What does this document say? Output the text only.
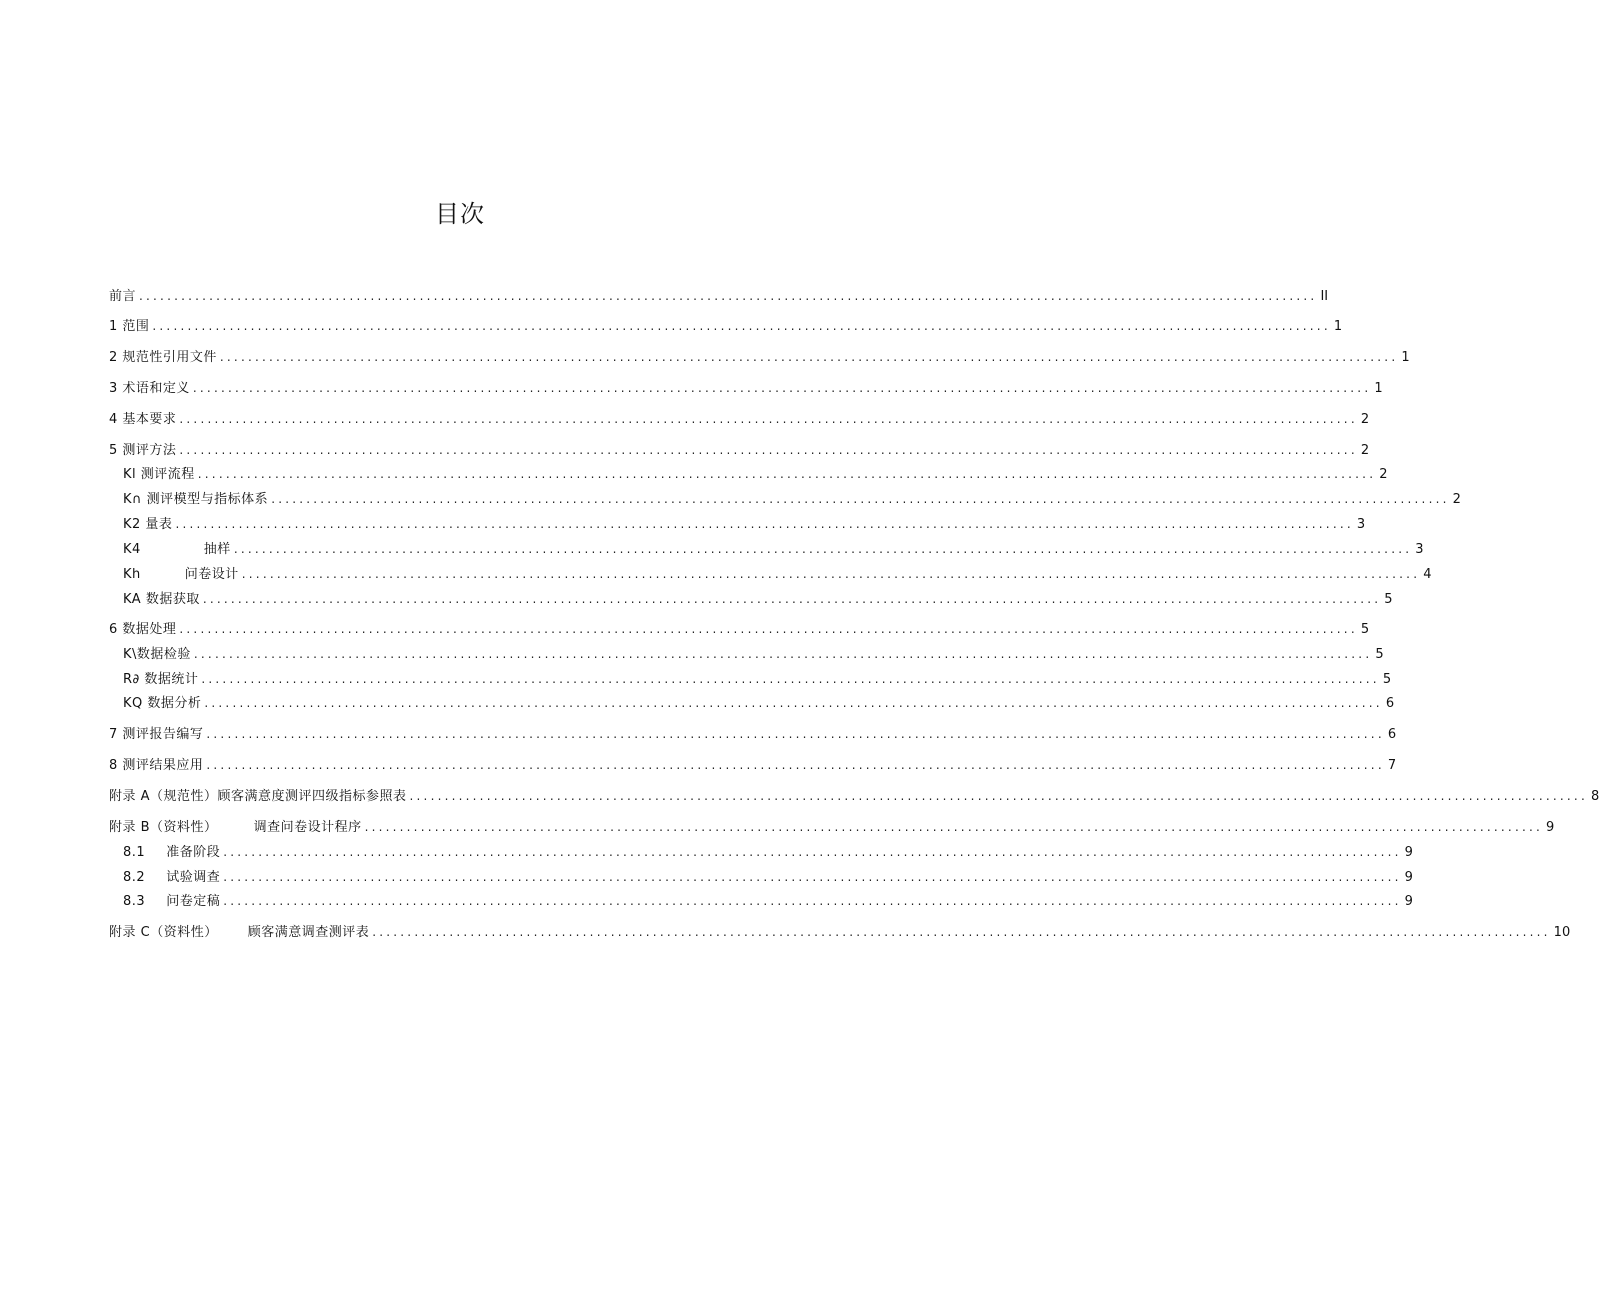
目次
前言 ........................................................................................................................................................................ II
1 范围 ........................................................................................................................................................................ 1
2 规范性引用文件 ........................................................................................................................................................................ 1
3 术语和定义 ........................................................................................................................................................................ 1
4 基本要求 ........................................................................................................................................................................ 2
5 测评方法 ........................................................................................................................................................................ 2
Kl 测评流程 ........................................................................................................................................................................ 2
K∩ 测评模型与指标体系 ........................................................................................................................................................................ 2
K2 量表 ........................................................................................................................................................................ 3
K4	抽样 ........................................................................................................................................................................ 3
Kh	问卷设计 ........................................................................................................................................................................ 4
KA 数据获取 ........................................................................................................................................................................ 5
6 数据处理 ........................................................................................................................................................................ 5
K\数据检验 ........................................................................................................................................................................ 5
R∂ 数据统计 ........................................................................................................................................................................ 5
KQ 数据分析 ........................................................................................................................................................................ 6
7 测评报告编写 ........................................................................................................................................................................ 6
8 测评结果应用 ........................................................................................................................................................................ 7
附录 A（规范性）顾客满意度测评四级指标参照表 ........................................................................................................................................................................ 8
附录 B（资料性）	调查问卷设计程序 ........................................................................................................................................................................ 9
8.1 准备阶段 ........................................................................................................................................................................ 9
8.2 试验调查 ........................................................................................................................................................................ 9
8.3 问卷定稿 ........................................................................................................................................................................ 9
附录 C（资料性） 顾客满意调查测评表 ........................................................................................................................................................................ 10
